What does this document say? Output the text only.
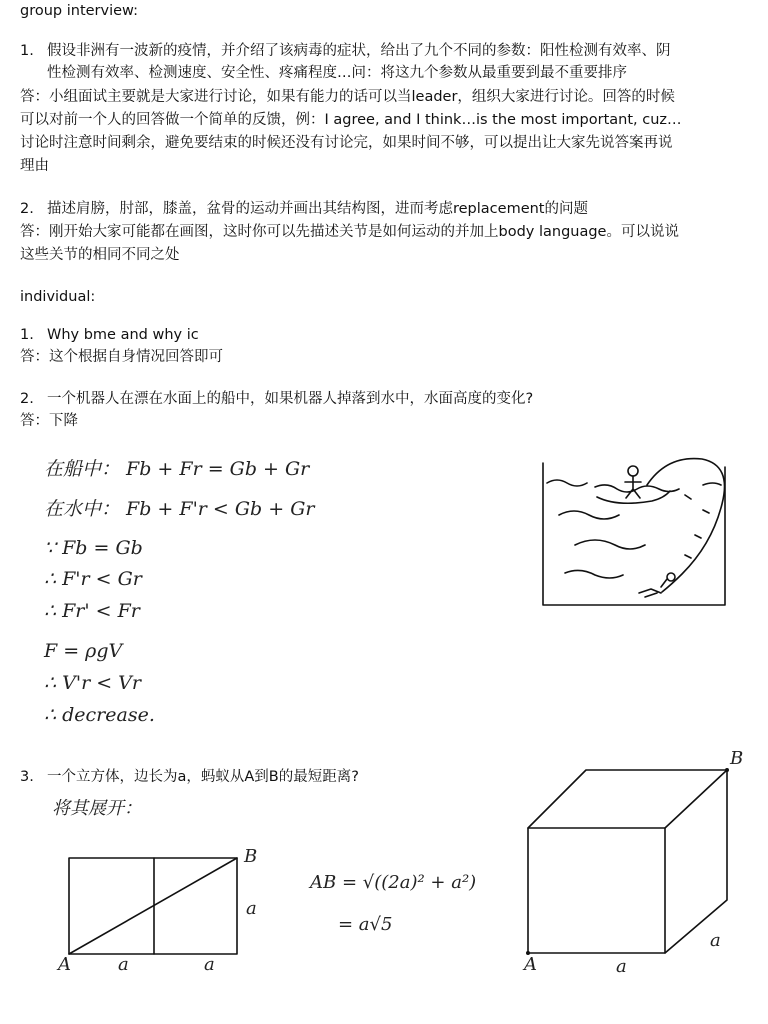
group interview:
1. 假设非洲有一波新的疫情，并介绍了该病毒的症状，给出了九个不同的参数：阳性检测有效率、阴
性检测有效率、检测速度、安全性、疼痛程度…问：将这九个参数从最重要到最不重要排序
答：小组面试主要就是大家进行讨论，如果有能力的话可以当leader，组织大家进行讨论。回答的时候
可以对前一个人的回答做一个简单的反馈，例：I agree, and I think…is the most important, cuz…
讨论时注意时间剩余，避免要结束的时候还没有讨论完，如果时间不够，可以提出让大家先说答案再说
理由
2. 描述肩膀，肘部，膝盖，盆骨的运动并画出其结构图，进而考虑replacement的问题
答：刚开始大家可能都在画图，这时你可以先描述关节是如何运动的并加上body language。可以说说
这些关节的相同不同之处
individual:
1. Why bme and why ic
答：这个根据自身情况回答即可
2. 一个机器人在漂在水面上的船中，如果机器人掉落到水中，水面高度的变化?
答：下降
在船中： Fb + Fr = Gb + Gr
在水中： Fb + F'r < Gb + Gr
∵ Fb = Gb
∴ F'r < Gr
∴ Fr' < Fr
F = ρgV
∴ V'r < Vr
∴ decrease.
3. 一个立方体，边长为a，蚂蚁从A到B的最短距离?
将其展开：
B
a
A	a	a
AB = √((2a)² + a²)
= a√5
B
a
A	a
